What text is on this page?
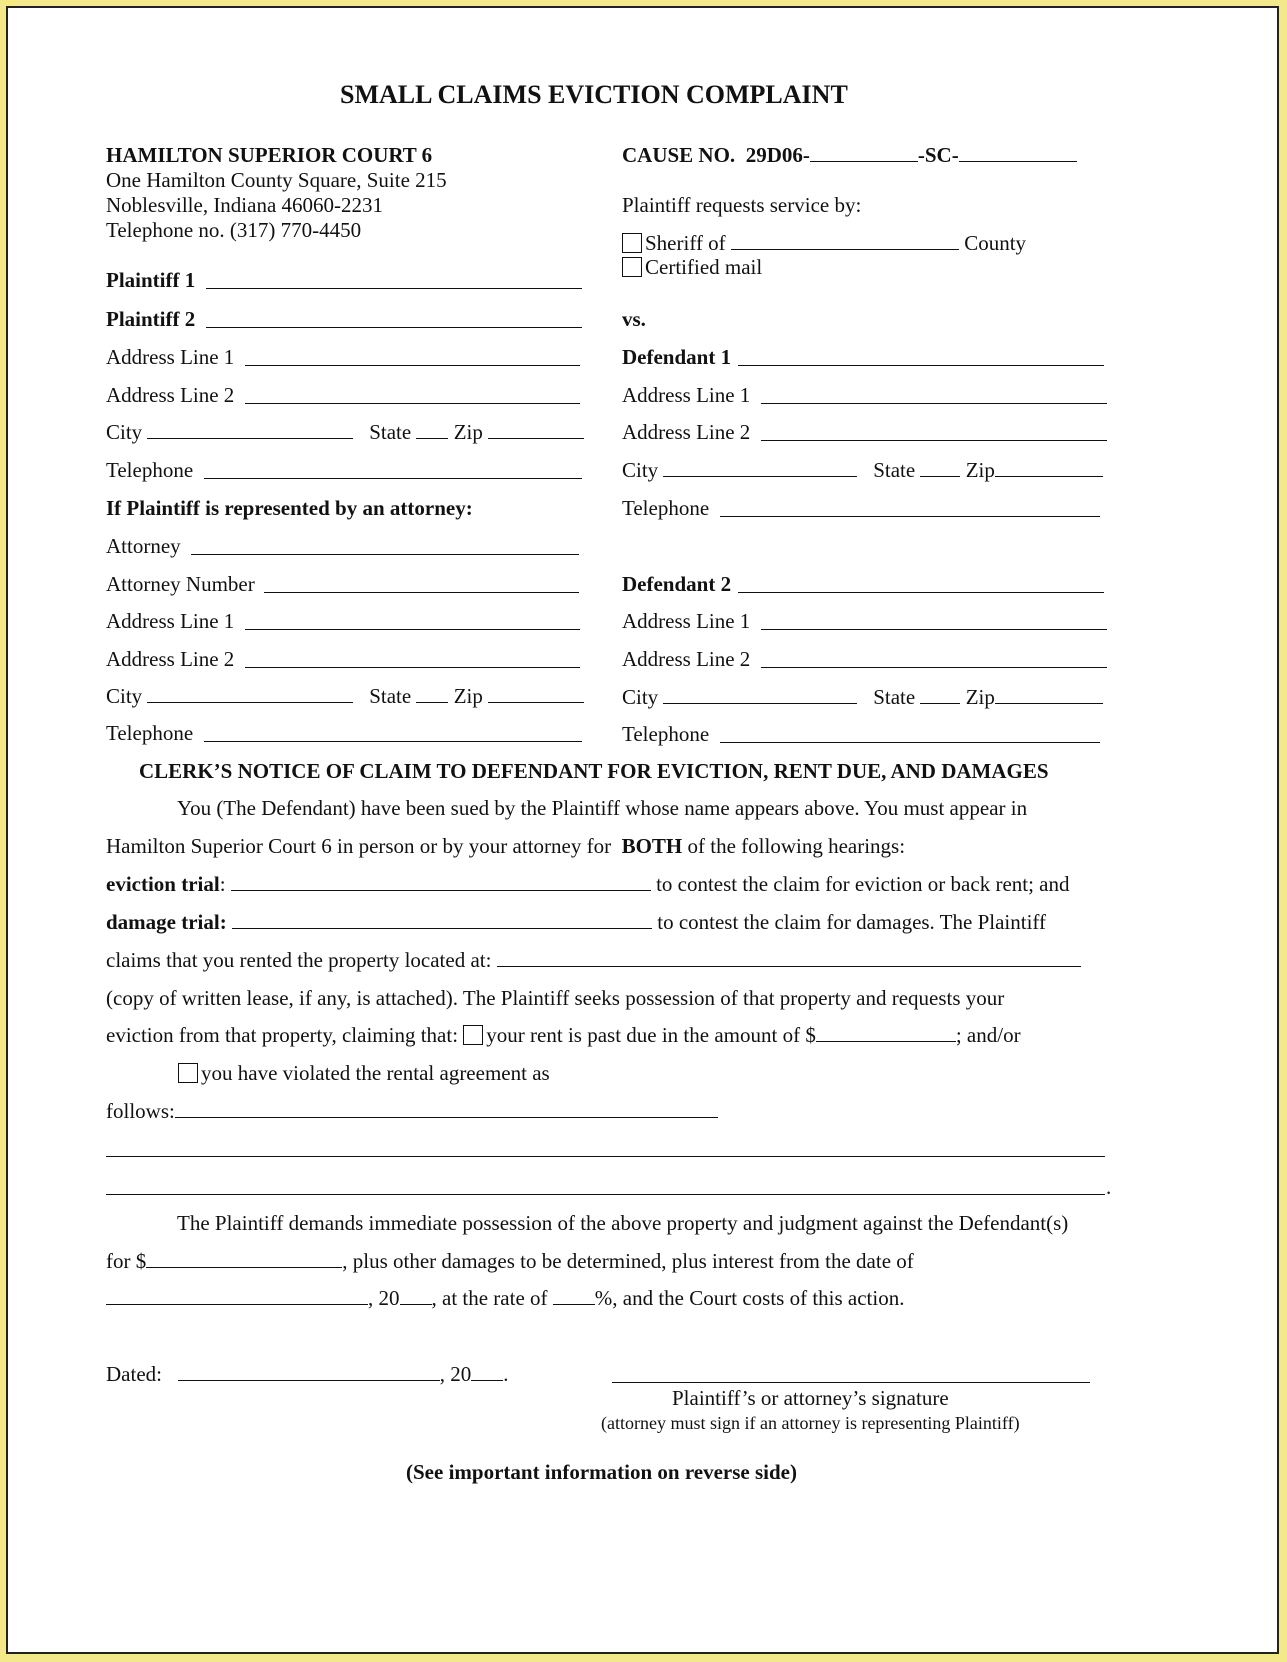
SMALL CLAIMS EVICTION COMPLAINT
HAMILTON SUPERIOR COURT 6
One Hamilton County Square, Suite 215
Noblesville, Indiana 46060-2231
Telephone no. (317) 770-4450
CAUSE NO. 29D06-	-SC-
Plaintiff requests service by:
Sheriff of	County
Certified mail
Plaintiff 1
Plaintiff 2
Address Line 1
Address Line 2
City	State Zip
Telephone
If Plaintiff is represented by an attorney:
Attorney
Attorney Number
Address Line 1
Address Line 2
City	State Zip
Telephone
vs.
Defendant 1
Address Line 1
Address Line 2
City	State Zip
Telephone
Defendant 2
Address Line 1
Address Line 2
City	State Zip
Telephone
CLERK’S NOTICE OF CLAIM TO DEFENDANT FOR EVICTION, RENT DUE, AND DAMAGES
You (The Defendant) have been sued by the Plaintiff whose name appears above. You must appear in
Hamilton Superior Court 6 in person or by your attorney for BOTH of the following hearings:
eviction trial:	to contest the claim for eviction or back rent; and
damage trial:	to contest the claim for damages. The Plaintiff
claims that you rented the property located at:
(copy of written lease, if any, is attached). The Plaintiff seeks possession of that property and requests your
eviction from that property, claiming that: your rent is past due in the amount of $	; and/or
you have violated the rental agreement as
follows:
.
The Plaintiff demands immediate possession of the above property and judgment against the Defendant(s)
for $	, plus other damages to be determined, plus interest from the date of
, 20 , at the rate of %, and the Court costs of this action.
Dated:	, 20 .
Plaintiff’s or attorney’s signature
(attorney must sign if an attorney is representing Plaintiff)
(See important information on reverse side)
